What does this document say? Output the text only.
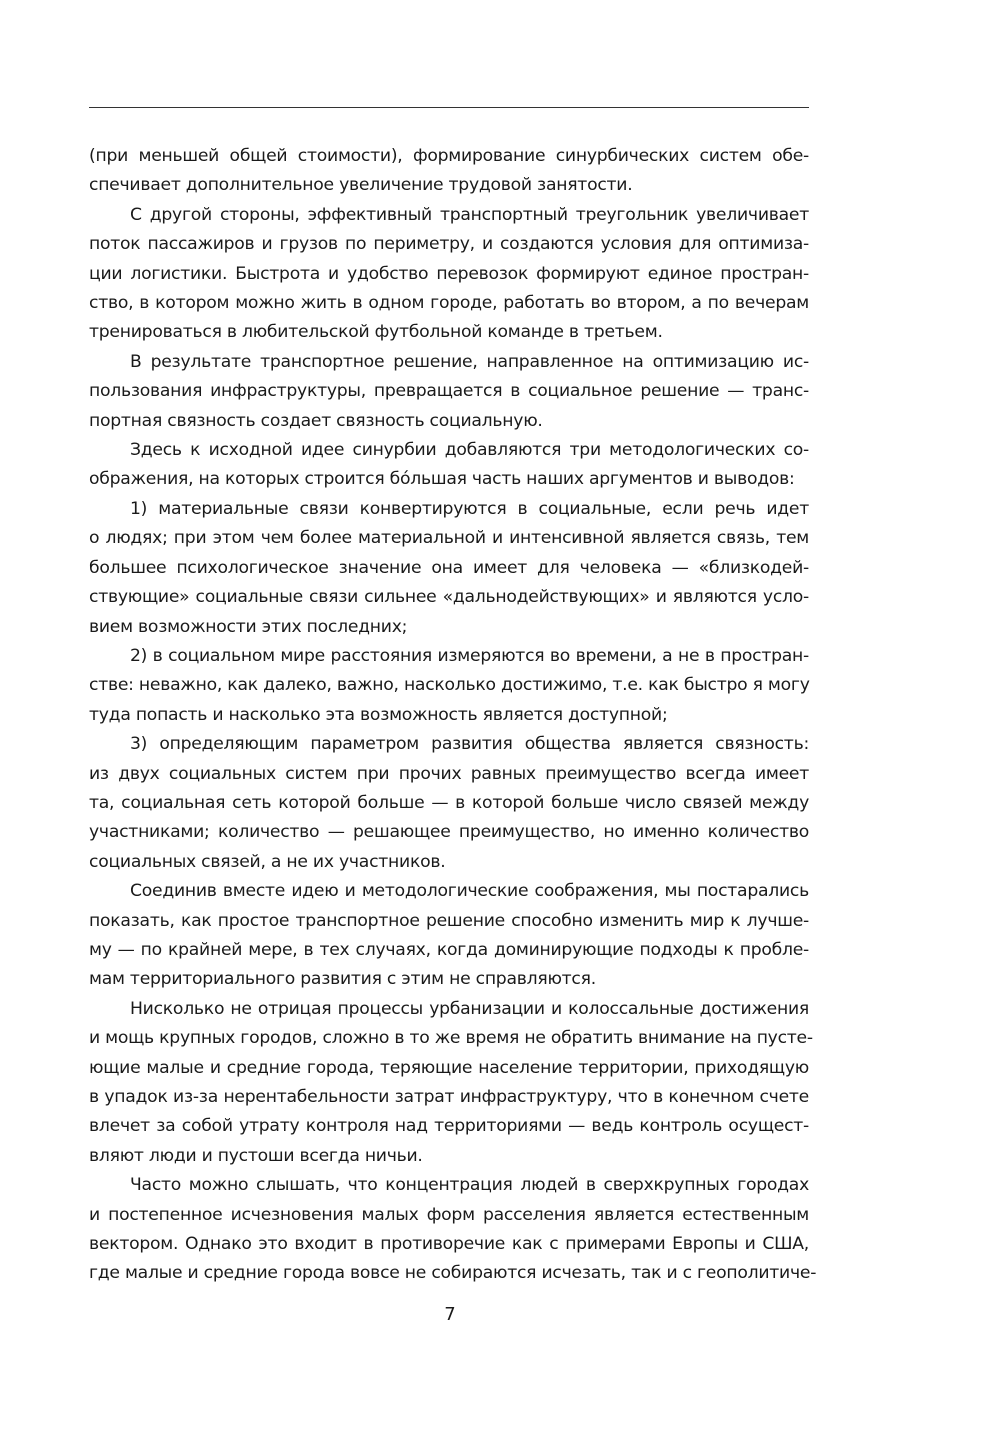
(при меньшей общей стоимости), формирование синурбических систем обе-
спечивает дополнительное увеличение трудовой занятости.

С другой стороны, эффективный транспортный треугольник увеличивает
поток пассажиров и грузов по периметру, и создаются условия для оптимиза-
ции логистики. Быстрота и удобство перевозок формируют единое простран-
ство, в котором можно жить в одном городе, работать во втором, а по вечерам
тренироваться в любительской футбольной команде в третьем.

В результате транспортное решение, направленное на оптимизацию ис-
пользования инфраструктуры, превращается в социальное решение — транс-
портная связность создает связность социальную.

Здесь к исходной идее синурбии добавляются три методологических со-
ображения, на которых строится бóльшая часть наших аргументов и выводов:

1) материальные связи конвертируются в социальные, если речь идет
о людях; при этом чем более материальной и интенсивной является связь, тем
большее психологическое значение она имеет для человека — «близкодей-
ствующие» социальные связи сильнее «дальнодействующих» и являются усло-
вием возможности этих последних;

2) в социальном мире расстояния измеряются во времени, а не в простран-
стве: неважно, как далеко, важно, насколько достижимо, т.е. как быстро я могу
туда попасть и насколько эта возможность является доступной;

3) определяющим параметром развития общества является связность:
из двух социальных систем при прочих равных преимущество всегда имеет
та, социальная сеть которой больше — в которой больше число связей между
участниками; количество — решающее преимущество, но именно количество
социальных связей, а не их участников.

Соединив вместе идею и методологические соображения, мы постарались
показать, как простое транспортное решение способно изменить мир к лучше-
му — по крайней мере, в тех случаях, когда доминирующие подходы к пробле-
мам территориального развития с этим не справляются.

Нисколько не отрицая процессы урбанизации и колоссальные достижения
и мощь крупных городов, сложно в то же время не обратить внимание на пусте-
ющие малые и средние города, теряющие население территории, приходящую
в упадок из-за нерентабельности затрат инфраструктуру, что в конечном счете
влечет за собой утрату контроля над территориями — ведь контроль осущест-
вляют люди и пустоши всегда ничьи.

Часто можно слышать, что концентрация людей в сверхкрупных городах
и постепенное исчезновения малых форм расселения является естественным
вектором. Однако это входит в противоречие как с примерами Европы и США,
где малые и средние города вовсе не собираются исчезать, так и с геополитиче-

7
